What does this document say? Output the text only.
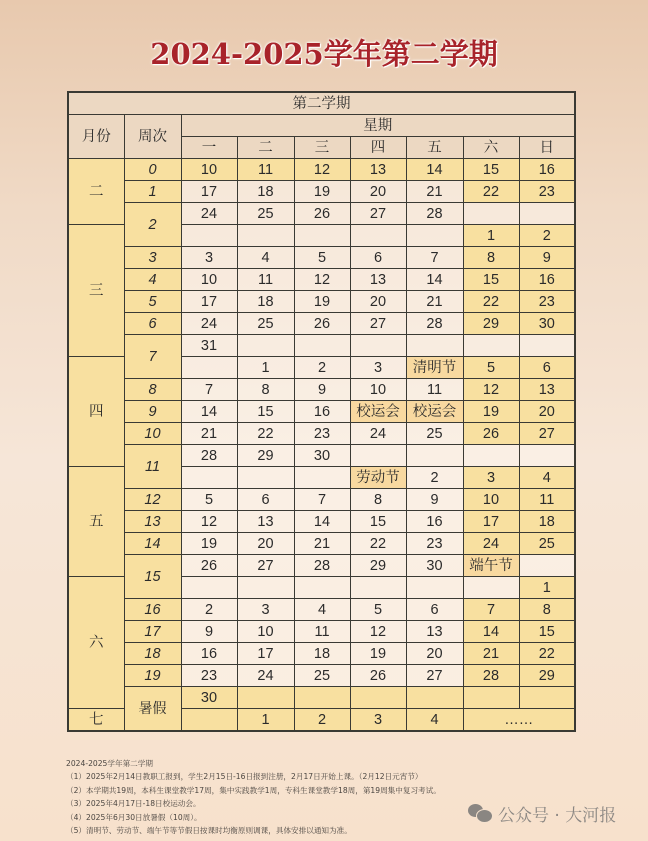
2024-2025学年第二学期
第二学期								
月份	周次	星期						
		一	二	三	四	五	六	日
二	0	10	11	12	13	14	15	16
	1	17	18	19	20	21	22	23
	2	24	25	26	27	28		
三							1	2
	3	3	4	5	6	7	8	9
	4	10	11	12	13	14	15	16
	5	17	18	19	20	21	22	23
	6	24	25	26	27	28	29	30
	7	31						
四			1	2	3	清明节	5	6
	8	7	8	9	10	11	12	13
	9	14	15	16	校运会	校运会	19	20
	10	21	22	23	24	25	26	27
	11	28	29	30				
五					劳动节	2	3	4
	12	5	6	7	8	9	10	11
	13	12	13	14	15	16	17	18
	14	19	20	21	22	23	24	25
	15	26	27	28	29	30	端午节	
六								1
	16	2	3	4	5	6	7	8
	17	9	10	11	12	13	14	15
	18	16	17	18	19	20	21	22
	19	23	24	25	26	27	28	29
	暑假	30						
七			1	2	3	4	……	
2024-2025学年第二学期
（1）2025年2月14日教职工报到，学生2月15日-16日报到注册，2月17日开始上课。（2月12日元宵节）
（2）本学期共19周，本科生课堂教学17周，集中实践教学1周，专科生课堂教学18周，第19周集中复习考试。
（3）2025年4月17日-18日校运动会。
（4）2025年6月30日放暑假（10周）。
（5）清明节、劳动节、端午节等节假日按课时均衡原则调课，具体安排以通知为准。
公众号 · 大河报
